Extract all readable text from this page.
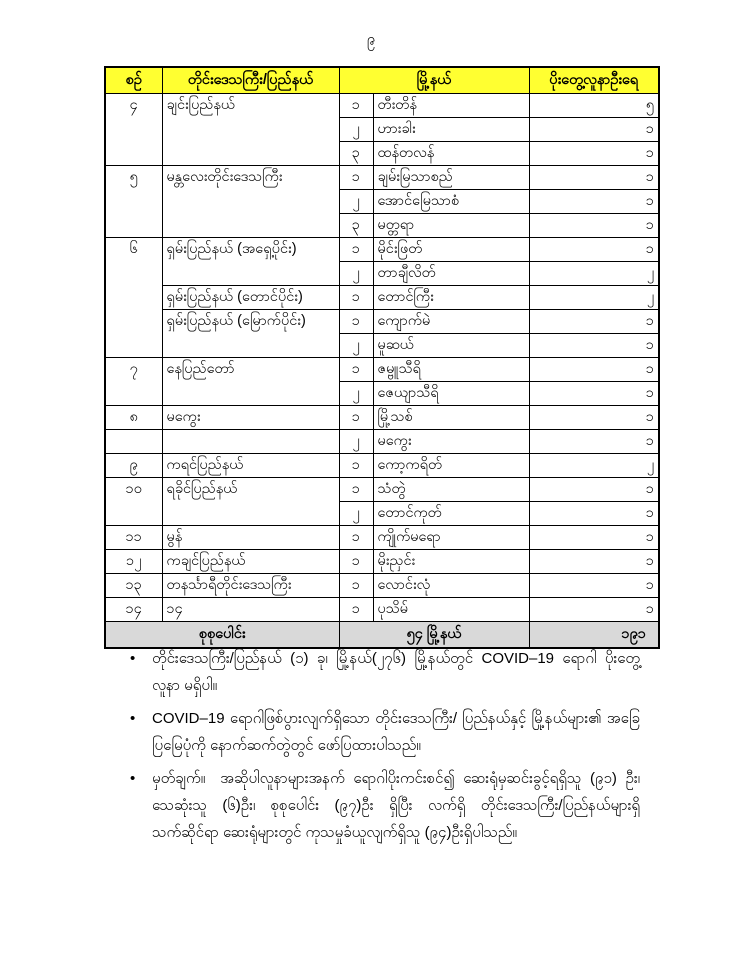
၉
စဉ်	တိုင်းဒေသကြီး/ပြည်နယ်	မြို့နယ်		ပိုးတွေ့လူနာဦးရေ
၄	ချင်းပြည်နယ်	၁	တီးတိန်	၅
		၂	ဟားခါး	၁
		၃	ထန်တလန်	၁
၅	မန္တလေးတိုင်းဒေသကြီး	၁	ချမ်းမြသာစည်	၁
		၂	အောင်မြေသာစံ	၁
		၃	မတ္တရာ	၁
၆	ရှမ်းပြည်နယ် (အရှေ့ပိုင်း)	၁	မိုင်းဖြတ်	၁
		၂	တာချီလိတ်	၂
	ရှမ်းပြည်နယ် (တောင်ပိုင်း)	၁	တောင်ကြီး	၂
	ရှမ်းပြည်နယ် (မြောက်ပိုင်း)	၁	ကျောက်မဲ	၁
		၂	မူဆယ်	၁
၇	နေပြည်တော်	၁	ဇမ္ဗူသီရိ	၁
		၂	ဇေယျာသီရိ	၁
၈	မကွေး	၁	မြို့သစ်	၁
		၂	မကွေး	၁
၉	ကရင်ပြည်နယ်	၁	ကော့ကရိတ်	၂
၁၀	ရခိုင်ပြည်နယ်	၁	သံတွဲ	၁
		၂	တောင်ကုတ်	၁
၁၁	မွန်	၁	ကျိုက်မရော	၁
၁၂	ကချင်ပြည်နယ်	၁	မိုးညှင်း	၁
၁၃	တနင်္သာရီတိုင်းဒေသကြီး	၁	လောင်းလုံ	၁
၁၄	၁၄	၁	ပုသိမ်	၁
စုစုပေါင်း		၅၄ မြို့နယ်		၁၉၁
• တိုင်းဒေသကြီး/ပြည်နယ် (၁) ခု၊ မြို့နယ်(၂၇၆) မြို့နယ်တွင် COVID–19 ရောဂါ ပိုးတွေ့ လူနာ မရှိပါ။
• COVID–19 ရောဂါဖြစ်ပွားလျက်ရှိသော တိုင်းဒေသကြီး/ ပြည်နယ်နှင့် မြို့နယ်များ၏ အခြေပြမြေပုံကို နောက်ဆက်တွဲတွင် ဖော်ပြထားပါသည်။
• မှတ်ချက်။ အဆိုပါလူနာများအနက် ရောဂါပိုးကင်းစင်၍ ဆေးရုံမှဆင်းခွင့်ရရှိသူ (၉၁) ဦး၊ သေဆုံးသူ (၆)ဦး၊ စုစုပေါင်း (၉၇)ဦး ရှိပြီး လက်ရှိ တိုင်းဒေသကြီး/ပြည်နယ်များရှိ သက်ဆိုင်ရာ ဆေးရုံများတွင် ကုသမှုခံယူလျက်ရှိသူ (၉၄)ဦးရှိပါသည်။
